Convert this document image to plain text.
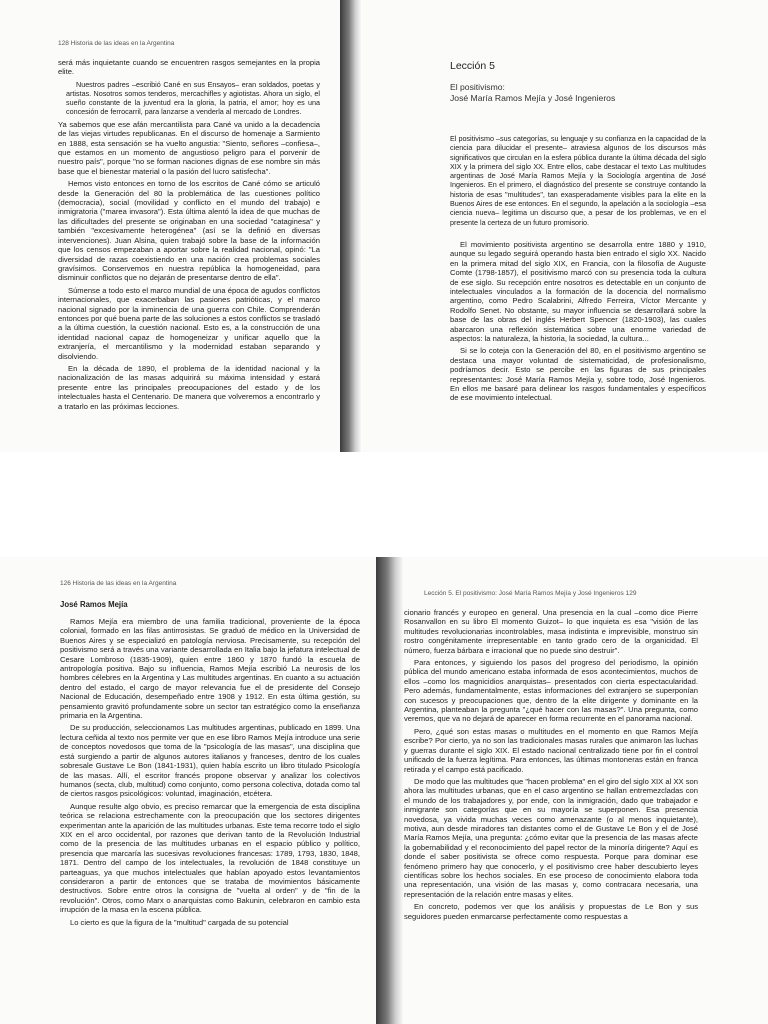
128 Historia de las ideas en la Argentina

será más inquietante cuando se encuentren rasgos semejantes en la propia elite.

Nuestros padres –escribió Cané en sus Ensayos– eran soldados, poetas y artistas. Nosotros somos tenderos, mercachifles y agiotistas. Ahora un siglo, el sueño constante de la juventud era la gloria, la patria, el amor; hoy es una concesión de ferrocarril, para lanzarse a venderla al mercado de Londres.

Ya sabemos que ese afán mercantilista para Cané va unido a la decadencia de las viejas virtudes republicanas. En el discurso de homenaje a Sarmiento en 1888, esta sensación se ha vuelto angustia: "Siento, señores –confiesa–, que estamos en un momento de angustioso peligro para el porvenir de nuestro país", porque "no se forman naciones dignas de ese nombre sin más base que el bienestar material o la pasión del lucro satisfecha".

Hemos visto entonces en torno de los escritos de Cané cómo se articuló desde la Generación del 80 la problemática de las cuestiones político (democracia), social (movilidad y conflicto en el mundo del trabajo) e inmigratoria ("marea invasora"). Esta última alentó la idea de que muchas de las dificultades del presente se originaban en una sociedad "cataginesa" y también "excesivamente heterogénea" (así se la definió en diversas intervenciones). Juan Alsina, quien trabajó sobre la base de la información que los censos empezaban a aportar sobre la realidad nacional, opinó: "La diversidad de razas coexistiendo en una nación crea problemas sociales gravísimos. Conservemos en nuestra república la homogeneidad, para disminuir conflictos que no dejarán de presentarse dentro de ella".

Súmense a todo esto el marco mundial de una época de agudos conflictos internacionales, que exacerbaban las pasiones patrióticas, y el marco nacional signado por la inminencia de una guerra con Chile. Comprenderán entonces por qué buena parte de las soluciones a estos conflictos se trasladó a la última cuestión, la cuestión nacional. Esto es, a la construcción de una identidad nacional capaz de homogeneizar y unificar aquello que la extranjería, el mercantilismo y la modernidad estaban separando y disolviendo.

En la década de 1890, el problema de la identidad nacional y la nacionalización de las masas adquirirá su máxima intensidad y estará presente entre las principales preocupaciones del estado y de los intelectuales hasta el Centenario. De manera que volveremos a encontrarlo y a tratarlo en las próximas lecciones.

Lección 5
El positivismo:
José María Ramos Mejía y José Ingenieros

El positivismo –sus categorías, su lenguaje y su confianza en la capacidad de la ciencia para dilucidar el presente– atraviesa algunos de los discursos más significativos que circulan en la esfera pública durante la última década del siglo XIX y la primera del siglo XX. Entre ellos, cabe destacar el texto Las multitudes argentinas de José María Ramos Mejía y la Sociología argentina de José Ingenieros. En el primero, el diagnóstico del presente se construye contando la historia de esas "multitudes", tan exasperadamente visibles para la elite en la Buenos Aires de ese entonces. En el segundo, la apelación a la sociología –esa ciencia nueva– legitima un discurso que, a pesar de los problemas, ve en el presente la certeza de un futuro promisorio.

El movimiento positivista argentino se desarrolla entre 1880 y 1910, aunque su legado seguirá operando hasta bien entrado el siglo XX. Nacido en la primera mitad del siglo XIX, en Francia, con la filosofía de Auguste Comte (1798-1857), el positivismo marcó con su presencia toda la cultura de ese siglo. Su recepción entre nosotros es detectable en un conjunto de intelectuales vinculados a la formación de la docencia del normalismo argentino, como Pedro Scalabrini, Alfredo Ferreira, Víctor Mercante y Rodolfo Senet. No obstante, su mayor influencia se desarrollará sobre la base de las obras del inglés Herbert Spencer (1820-1903), las cuales abarcaron una reflexión sistemática sobre una enorme variedad de aspectos: la naturaleza, la historia, la sociedad, la cultura...

Si se lo coteja con la Generación del 80, en el positivismo argentino se destaca una mayor voluntad de sistematicidad, de profesionalismo, podríamos decir. Esto se percibe en las figuras de sus principales representantes: José María Ramos Mejía y, sobre todo, José Ingenieros. En ellos me basaré para delinear los rasgos fundamentales y específicos de ese movimiento intelectual.

126 Historia de las ideas en la Argentina
José Ramos Mejía

Ramos Mejía era miembro de una familia tradicional, proveniente de la época colonial, formado en las filas antirrosistas. Se graduó de médico en la Universidad de Buenos Aires y se especializó en patología nerviosa. Precisamente, su recepción del positivismo será a través una variante desarrollada en Italia bajo la jefatura intelectual de Cesare Lombroso (1835-1909), quien entre 1860 y 1870 fundó la escuela de antropología positiva. Bajo su influencia, Ramos Mejía escribió La neurosis de los hombres célebres en la Argentina y Las multitudes argentinas. En cuanto a su actuación dentro del estado, el cargo de mayor relevancia fue el de presidente del Consejo Nacional de Educación, desempeñado entre 1908 y 1912. En esta última gestión, su pensamiento gravitó profundamente sobre un sector tan estratégico como la enseñanza primaria en la Argentina.

De su producción, seleccionamos Las multitudes argentinas, publicado en 1899. Una lectura ceñida al texto nos permite ver que en ese libro Ramos Mejía introduce una serie de conceptos novedosos que toma de la "psicología de las masas", una disciplina que está surgiendo a partir de algunos autores italianos y franceses, dentro de los cuales sobresale Gustave Le Bon (1841-1931), quien había escrito un libro titulado Psicología de las masas. Allí, el escritor francés propone observar y analizar los colectivos humanos (secta, club, multitud) como conjunto, como persona colectiva, dotada como tal de ciertos rasgos psicológicos: voluntad, imaginación, etcétera.

Aunque resulte algo obvio, es preciso remarcar que la emergencia de esta disciplina teórica se relaciona estrechamente con la preocupación que los sectores dirigentes experimentan ante la aparición de las multitudes urbanas. Este tema recorre todo el siglo XIX en el arco occidental, por razones que derivan tanto de la Revolución Industrial como de la presencia de las multitudes urbanas en el espacio público y político, presencia que marcaría las sucesivas revoluciones francesas: 1789, 1793, 1830, 1848, 1871. Dentro del campo de los intelectuales, la revolución de 1848 constituye un parteaguas, ya que muchos intelectuales que habían apoyado estos levantamientos consideraron a partir de entonces que se trataba de movimientos básicamente destructivos. Sobre entre otros la consigna de "vuelta al orden" y de "fin de la revolución". Otros, como Marx o anarquistas como Bakunin, celebraron en cambio esta irrupción de la masa en la escena pública.

Lo cierto es que la figura de la "multitud" cargada de su potencial

Lección 5. El positivismo: José María Ramos Mejía y José Ingenieros 129

cionario francés y europeo en general. Una presencia en la cual –como dice Pierre Rosanvallon en su libro El momento Guizot– lo que inquieta es esa "visión de las multitudes revolucionarias incontrolables, masa indistinta e imprevisible, monstruo sin rostro congénitamente irrepresentable en tanto grado cero de la organicidad. El número, fuerza bárbara e irracional que no puede sino destruir".

Para entonces, y siguiendo los pasos del progreso del periodismo, la opinión pública del mundo americano estaba informada de esos acontecimientos, muchos de ellos –como los magnicidios anarquistas– presentados con cierta espectacularidad. Pero además, fundamentalmente, estas informaciones del extranjero se superponían con sucesos y preocupaciones que, dentro de la elite dirigente y dominante en la Argentina, planteaban la pregunta "¿qué hacer con las masas?". Una pregunta, como veremos, que va no dejará de aparecer en forma recurrente en el panorama nacional.

Pero, ¿qué son estas masas o multitudes en el momento en que Ramos Mejía escribe? Por cierto, ya no son las tradicionales masas rurales que animaron las luchas y guerras durante el siglo XIX. El estado nacional centralizado tiene por fin el control unificado de la fuerza legítima. Para entonces, las últimas montoneras están en franca retirada y el campo está pacificado.

De modo que las multitudes que "hacen problema" en el giro del siglo XIX al XX son ahora las multitudes urbanas, que en el caso argentino se hallan entremezcladas con el mundo de los trabajadores y, por ende, con la inmigración, dado que trabajador e inmigrante son categorías que en su mayoría se superponen. Esa presencia novedosa, ya vivida muchas veces como amenazante (o al menos inquietante), motiva, aun desde miradores tan distantes como el de Gustave Le Bon y el de José María Ramos Mejía, una pregunta: ¿cómo evitar que la presencia de las masas afecte la gobernabilidad y el reconocimiento del papel rector de la minoría dirigente? Aquí es donde el saber positivista se ofrece como respuesta. Porque para dominar ese fenómeno primero hay que conocerlo, y el positivismo cree haber descubierto leyes científicas sobre los hechos sociales. En ese proceso de conocimiento elabora toda una representación, una visión de las masas y, como contracara necesaria, una representación de la relación entre masas y elites.

En concreto, podemos ver que los análisis y propuestas de Le Bon y sus seguidores pueden enmarcarse perfectamente como respuestas a
